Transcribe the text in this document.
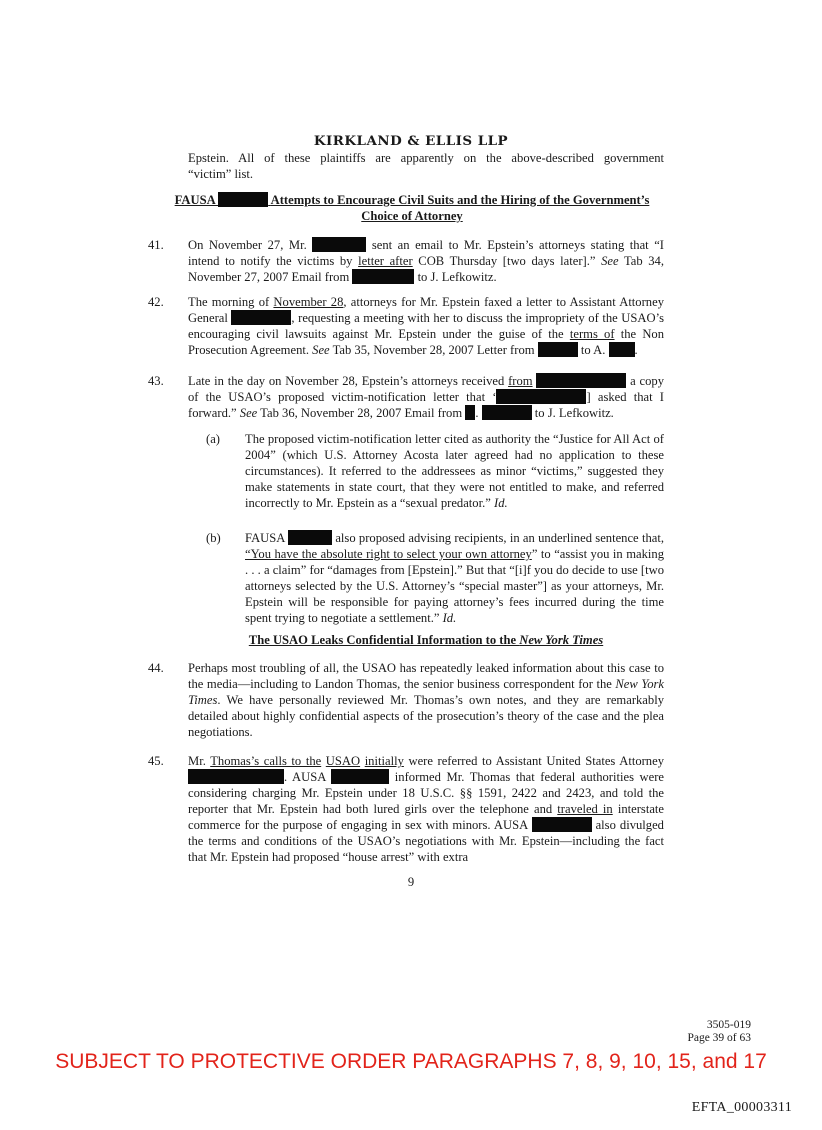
KIRKLAND & ELLIS LLP
Epstein. All of these plaintiffs are apparently on the above-described government
“victim” list.
FAUSA	Attempts to Encourage Civil Suits and the Hiring of the Government’s
Choice of Attorney
41. On November 27, Mr.	sent an email to Mr. Epstein’s attorneys stating that “I intend to notify the victims by letter after COB Thursday [two days later].” See Tab 34, November 27, 2007 Email from	to J. Lefkowitz.
42. The morning of November 28, attorneys for Mr. Epstein faxed a letter to Assistant Attorney General	, requesting a meeting with her to discuss the impropriety of the USAO’s encouraging civil lawsuits against Mr. Epstein under the guise of the terms of the Non Prosecution Agreement. See Tab 35, November 28, 2007 Letter from	to A. .
43. Late in the day on November 28, Epstein’s attorneys received from	a copy of the USAO’s proposed victim-notification letter that ‘	] asked that I forward.” See Tab 36, November 28, 2007 Email from .	to J. Lefkowitz.
(a) The proposed victim-notification letter cited as authority the “Justice for All Act of 2004” (which U.S. Attorney Acosta later agreed had no application to these circumstances). It referred to the addressees as minor “victims,” suggested they make statements in state court, that they were not entitled to make, and referred incorrectly to Mr. Epstein as a “sexual predator.” Id.
(b) FAUSA	also proposed advising recipients, in an underlined sentence that, “You have the absolute right to select your own attorney” to “assist you in making . . . a claim” for “damages from [Epstein].” But that “[i]f you do decide to use [two attorneys selected by the U.S. Attorney’s “special master”] as your attorneys, Mr. Epstein will be responsible for paying attorney’s fees incurred during the time spent trying to negotiate a settlement.” Id.
The USAO Leaks Confidential Information to the New York Times
44. Perhaps most troubling of all, the USAO has repeatedly leaked information about this case to the media—including to Landon Thomas, the senior business correspondent for the New York Times. We have personally reviewed Mr. Thomas’s own notes, and they are remarkably detailed about highly confidential aspects of the prosecution’s theory of the case and the plea negotiations.
45. Mr. Thomas’s calls to the USAO initially were referred to Assistant United States Attorney . AUSA	informed Mr. Thomas that federal authorities were considering charging Mr. Epstein under 18 U.S.C. §§ 1591, 2422 and 2423, and told the reporter that Mr. Epstein had both lured girls over the telephone and traveled in interstate commerce for the purpose of engaging in sex with minors. AUSA	also divulged the terms and conditions of the USAO’s negotiations with Mr. Epstein—including the fact that Mr. Epstein had proposed “house arrest” with extra
9
3505-019
Page 39 of 63
SUBJECT TO PROTECTIVE ORDER PARAGRAPHS 7, 8, 9, 10, 15, and 17
EFTA_00003311
